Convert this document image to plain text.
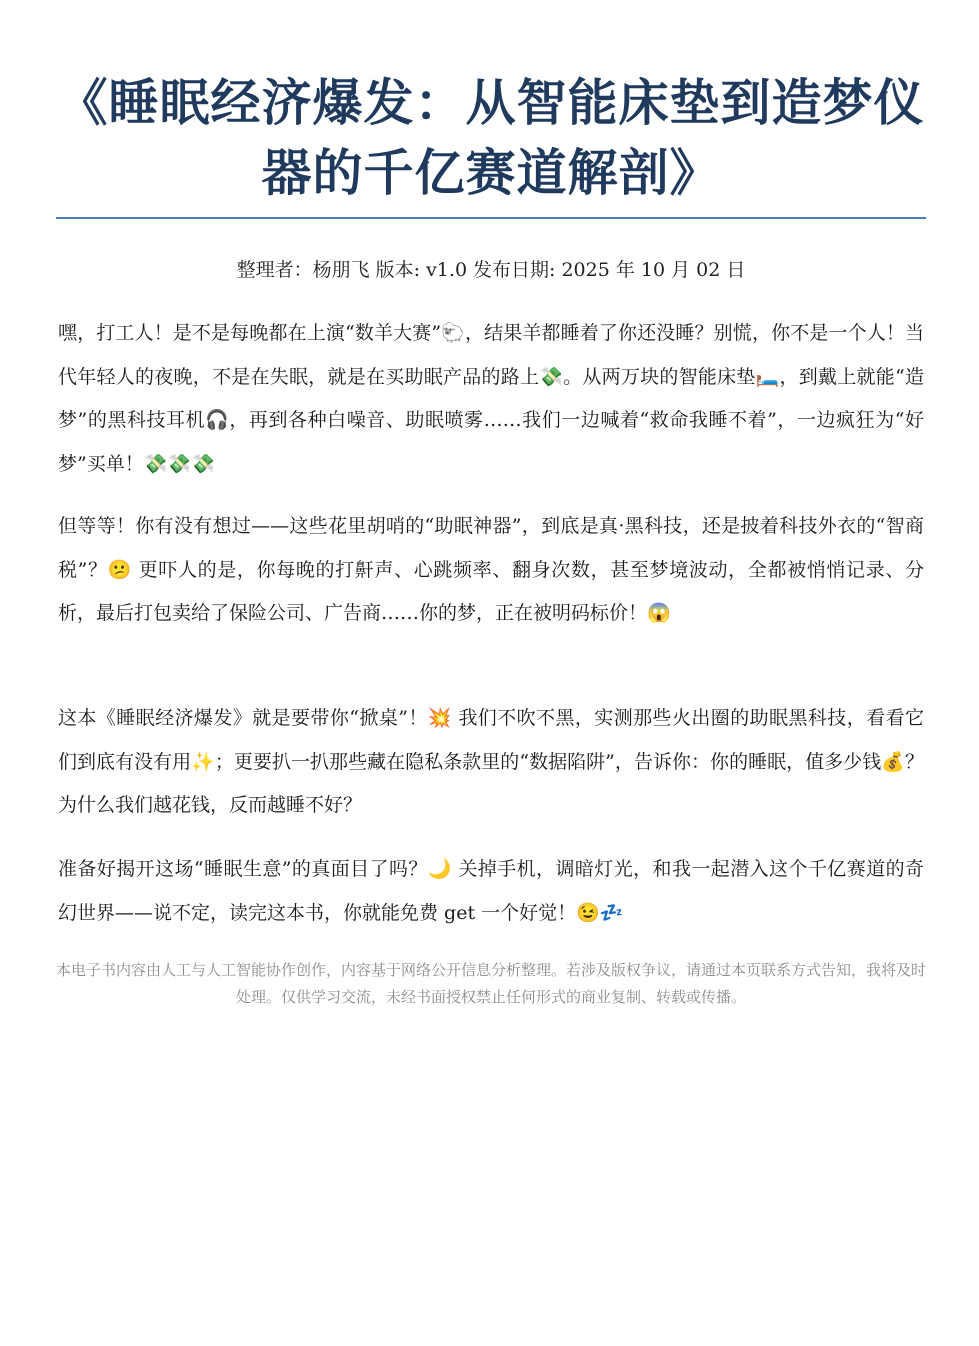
《睡眠经济爆发：从智能床垫到造梦仪器的千亿赛道解剖》
整理者：杨朋飞 版本: v1.0 发布日期: 2025 年 10 月 02 日

嘿，打工人！是不是每晚都在上演“数羊大赛”🐑，结果羊都睡着了你还没睡？别慌，你不是一个人！当代年轻人的夜晚，不是在失眠，就是在买助眠产品的路上💸。从两万块的智能床垫🛏️，到戴上就能“造梦”的黑科技耳机🎧，再到各种白噪音、助眠喷雾……我们一边喊着“救命我睡不着”，一边疯狂为“好梦”买单！💸💸💸

但等等！你有没有想过——这些花里胡哨的“助眠神器”，到底是真·黑科技，还是披着科技外衣的“智商税”？😕 更吓人的是，你每晚的打鼾声、心跳频率、翻身次数，甚至梦境波动，全都被悄悄记录、分析，最后打包卖给了保险公司、广告商……你的梦，正在被明码标价！😱

这本《睡眠经济爆发》就是要带你“掀桌”！💥 我们不吹不黑，实测那些火出圈的助眠黑科技，看看它们到底有没有用✨；更要扒一扒那些藏在隐私条款里的“数据陷阱”，告诉你：你的睡眠，值多少钱💰？为什么我们越花钱，反而越睡不好？

准备好揭开这场“睡眠生意”的真面目了吗？🌙 关掉手机，调暗灯光，和我一起潜入这个千亿赛道的奇幻世界——说不定，读完这本书，你就能免费 get 一个好觉！😉💤

本电子书内容由人工与人工智能协作创作，内容基于网络公开信息分析整理。若涉及版权争议，请通过本页联系方式告知，我将及时处理。仅供学习交流，未经书面授权禁止任何形式的商业复制、转载或传播。
